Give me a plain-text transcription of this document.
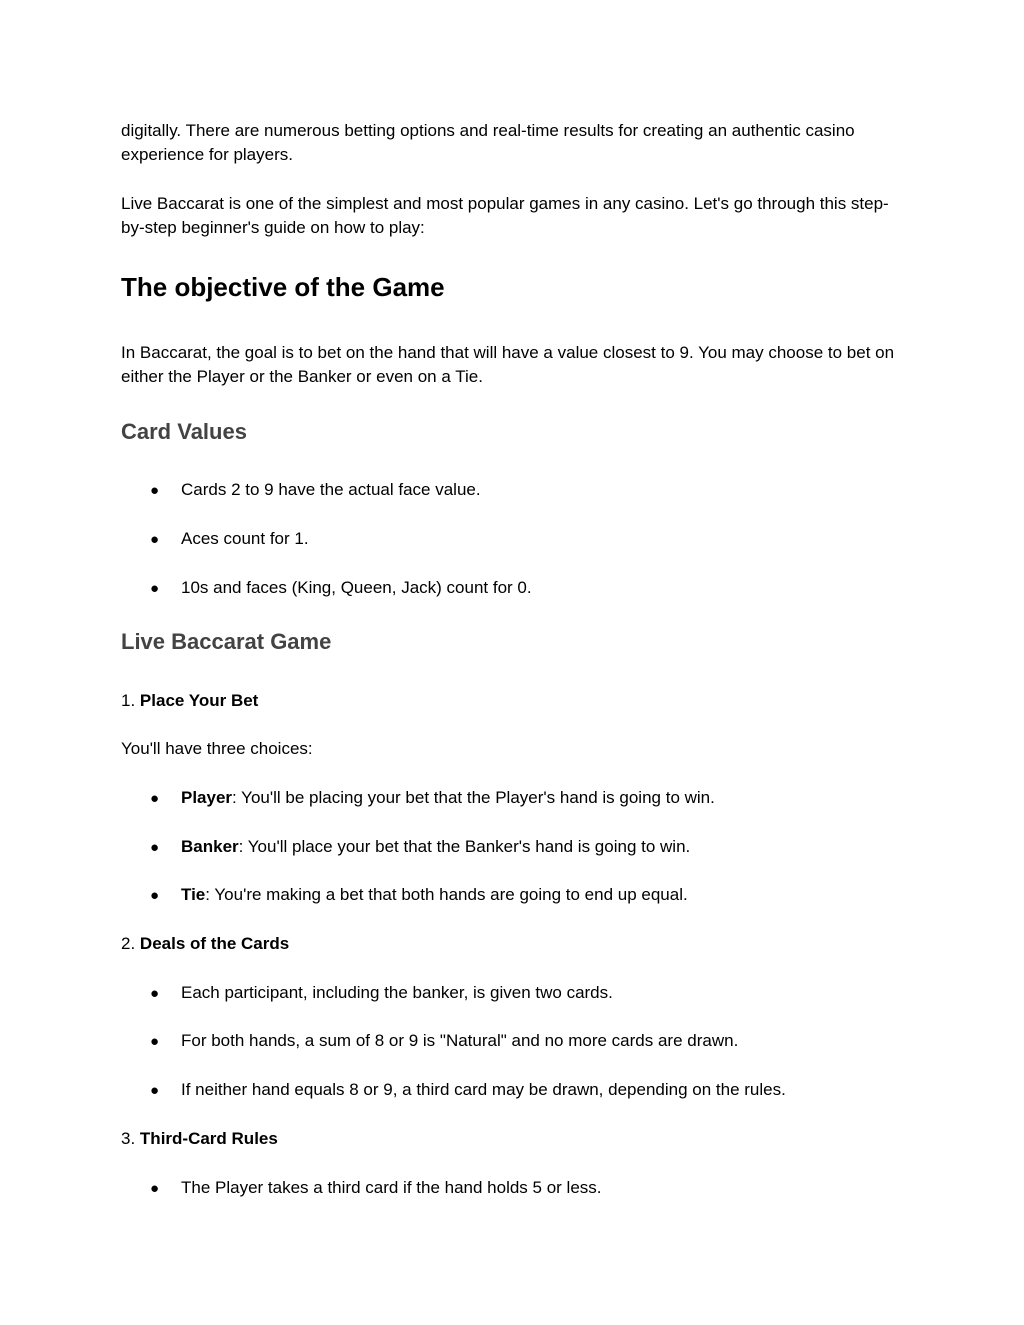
digitally. There are numerous betting options and real-time results for creating an authentic casino experience for players.

Live Baccarat is one of the simplest and most popular games in any casino. Let's go through this step-by-step beginner's guide on how to play:

The objective of the Game

In Baccarat, the goal is to bet on the hand that will have a value closest to 9. You may choose to bet on either the Player or the Banker or even on a Tie.

Card Values
● Cards 2 to 9 have the actual face value.
● Aces count for 1.
● 10s and faces (King, Queen, Jack) count for 0.
Live Baccarat Game

1. Place Your Bet

You'll have three choices:

● Player: You'll be placing your bet that the Player's hand is going to win.
● Banker: You'll place your bet that the Banker's hand is going to win.
● Tie: You're making a bet that both hands are going to end up equal.

2. Deals of the Cards

● Each participant, including the banker, is given two cards.
● For both hands, a sum of 8 or 9 is "Natural" and no more cards are drawn.
● If neither hand equals 8 or 9, a third card may be drawn, depending on the rules.

3. Third-Card Rules

● The Player takes a third card if the hand holds 5 or less.
